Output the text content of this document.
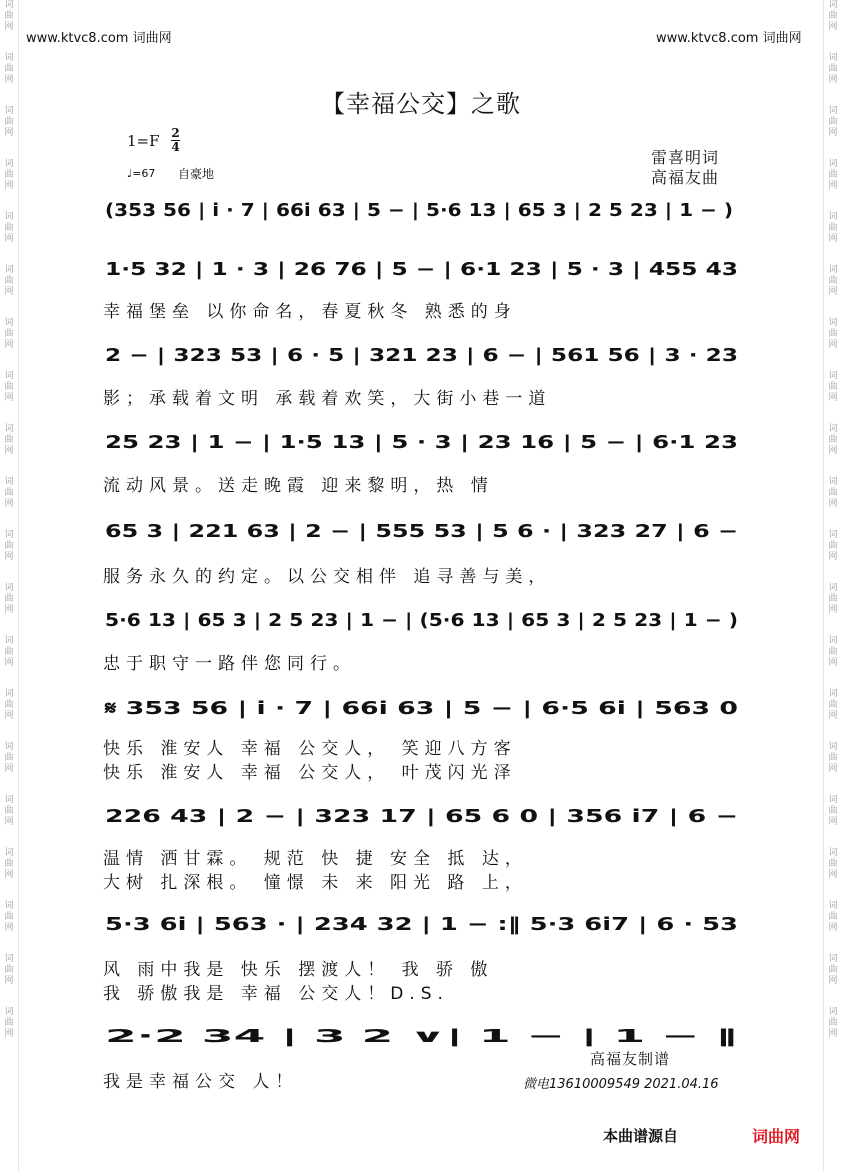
词
曲
网
词
曲
网
词
曲
网
词
曲
网
词
曲
网
词
曲
网
词
曲
网
词
曲
网
词
曲
网
词
曲
网
词
曲
网
词
曲
网
词
曲
网
词
曲
网
词
曲
网
词
曲
网
词
曲
网
词
曲
网
词
曲
网
词
曲
网
词
曲
网
词
曲
网
词
曲
网
词
曲
网
词
曲
网
词
曲
网
词
曲
网
词
曲
网
词
曲
网
词
曲
网
词
曲
网
词
曲
网
词
曲
网
词
曲
网
词
曲
网
词
曲
网
词
曲
网
词
曲
网
词
曲
网
词
曲
网
www.ktvc8.com 词曲网	www.ktvc8.com 词曲网
【幸福公交】之歌
1=F 2
4
♩=67 自豪地
雷喜明词
高福友曲
(353 56 | i · 7 | 66i 63 | 5 − | 5·6 13 | 65 3 | 2 5 23 | 1 − )
1·5 32 | 1 · 3 | 26 76 | 5 − | 6·1 23 | 5 · 3 | 455 43
幸福堡垒 以你命名，春夏秋冬 熟悉的身
2 − | 323 53 | 6 · 5 | 321 23 | 6 − | 561 56 | 3 · 23
影；承载着文明 承载着欢笑，大街小巷一道
25 23 | 1 − | 1·5 13 | 5 · 3 | 23 16 | 5 − | 6·1 23
流动风景。送走晚霞 迎来黎明，热 情
65 3 | 221 63 | 2 − | 555 53 | 5 6 · | 323 27 | 6 −
服务永久的约定。以公交相伴 追寻善与美，
5·6 13 | 65 3 | 2 5 23 | 1 − | (5·6 13 | 65 3 | 2 5 23 | 1 − )
忠于职守一路伴您同行。
𝄋 353 56 | i · 7 | 66i 63 | 5 − | 6·5 6i | 563 0
快乐 淮安人 幸福 公交人， 笑迎八方客
快乐 淮安人 幸福 公交人， 叶茂闪光泽
226 43 | 2 − | 323 17 | 65 6 0 | 356 i7 | 6 −
温情 洒甘霖。 规范 快 捷 安全 抵 达，
大树 扎深根。 憧憬 未 来 阳光 路 上，
5·3 6i | 563 · | 234 32 | 1 − :‖ 5·3 6i7 | 6 · 53
风 雨中我是 快乐 摆渡人！ 我 骄 傲
我 骄傲我是 幸福 公交人！D.S.
2·2 34 | 3 2 ∨| 1 − | 1 − ‖
我是幸福公交 人！
高福友制谱
微电13610009549 2021.04.16
本曲谱源自	词曲网
